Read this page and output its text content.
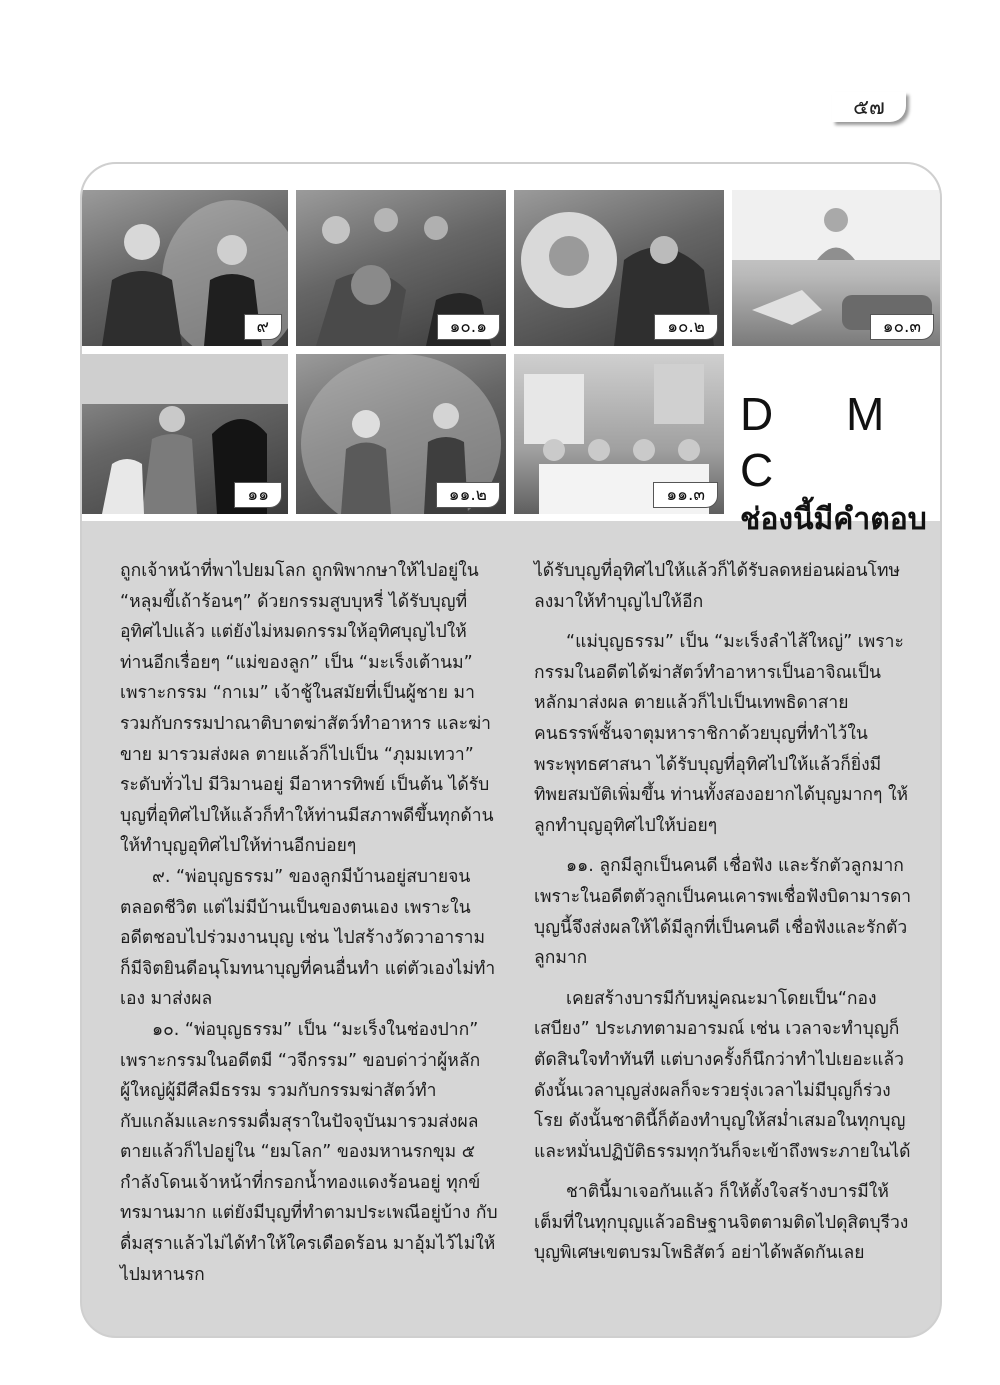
๕๗
๙	๑๐.๑	๑๐.๒	๑๐.๓
๑๑	๑๑.๒	๑๑.๓
D M C
ช่องนี้มีคำตอบ

ถูกเจ้าหน้าที่พาไปยมโลก ถูกพิพากษาให้ไปอยู่ใน “หลุมขี้เถ้าร้อนๆ” ด้วยกรรมสูบบุหรี่ ได้รับบุญที่อุทิศไปแล้ว แต่ยังไม่หมดกรรมให้อุทิศบุญไปให้ท่านอีกเรื่อยๆ “แม่ของลูก” เป็น “มะเร็งเต้านม” เพราะกรรม “กาเม” เจ้าชู้ในสมัยที่เป็นผู้ชาย มารวมกับกรรมปาณาติบาตฆ่าสัตว์ทำอาหาร และฆ่าขาย มารวมส่งผล ตายแล้วก็ไปเป็น “ภุมมเทวา” ระดับทั่วไป มีวิมานอยู่ มีอาหารทิพย์ เป็นต้น ได้รับบุญที่อุทิศไปให้แล้วก็ทำให้ท่านมีสภาพดีขึ้นทุกด้าน ให้ทำบุญอุทิศไปให้ท่านอีกบ่อยๆ

๙. “พ่อบุญธรรม” ของลูกมีบ้านอยู่สบายจนตลอดชีวิต แต่ไม่มีบ้านเป็นของตนเอง เพราะในอดีตชอบไปร่วมงานบุญ เช่น ไปสร้างวัดวาอาราม ก็มีจิตยินดีอนุโมทนาบุญที่คนอื่นทำ แต่ตัวเองไม่ทำเอง มาส่งผล

๑๐. “พ่อบุญธรรม” เป็น “มะเร็งในช่องปาก” เพราะกรรมในอดีตมี “วจีกรรม” ขอบด่าว่าผู้หลักผู้ใหญ่ผู้มีศีลมีธรรม รวมกับกรรมฆ่าสัตว์ทำกับแกล้มและกรรมดื่มสุราในปัจจุบันมารวมส่งผล ตายแล้วก็ไปอยู่ใน “ยมโลก” ของมหานรกขุม ๕ กำลังโดนเจ้าหน้าที่กรอกน้ำทองแดงร้อนอยู่ ทุกข์ทรมานมาก แต่ยังมีบุญที่ทำตามประเพณีอยู่บ้าง กับดื่มสุราแล้วไม่ได้ทำให้ใครเดือดร้อน มาอุ้มไว้ไม่ให้ไปมหานรก

ได้รับบุญที่อุทิศไปให้แล้วก็ได้รับลดหย่อนผ่อนโทษลงมาให้ทำบุญไปให้อีก

“แม่บุญธรรม” เป็น “มะเร็งลำไส้ใหญ่” เพราะกรรมในอดีตได้ฆ่าสัตว์ทำอาหารเป็นอาจิณเป็นหลักมาส่งผล ตายแล้วก็ไปเป็นเทพธิดาสายคนธรรพ์ชั้นจาตุมหาราชิกาด้วยบุญที่ทำไว้ในพระพุทธศาสนา ได้รับบุญที่อุทิศไปให้แล้วก็ยิ่งมีทิพยสมบัติเพิ่มขึ้น ท่านทั้งสองอยากได้บุญมากๆ ให้ลูกทำบุญอุทิศไปให้บ่อยๆ

๑๑. ลูกมีลูกเป็นคนดี เชื่อฟัง และรักตัวลูกมาก เพราะในอดีตตัวลูกเป็นคนเคารพเชื่อฟังบิดามารดา บุญนี้จึงส่งผลให้ได้มีลูกที่เป็นคนดี เชื่อฟังและรักตัวลูกมาก

เคยสร้างบารมีกับหมู่คณะมาโดยเป็น“กองเสบียง” ประเภทตามอารมณ์ เช่น เวลาจะทำบุญก็ตัดสินใจทำทันที แต่บางครั้งก็นึกว่าทำไปเยอะแล้ว ดังนั้นเวลาบุญส่งผลก็จะรวยรุ่งเวลาไม่มีบุญก็ร่วงโรย ดังนั้นชาตินี้ก็ต้องทำบุญให้สม่ำเสมอในทุกบุญและหมั่นปฏิบัติธรรมทุกวันก็จะเข้าถึงพระภายในได้

ชาตินี้มาเจอกันแล้ว ก็ให้ตั้งใจสร้างบารมีให้เต็มที่ในทุกบุญแล้วอธิษฐานจิตตามติดไปดุสิตบุรีวงบุญพิเศษเขตบรมโพธิสัตว์ อย่าได้พลัดกันเลย
